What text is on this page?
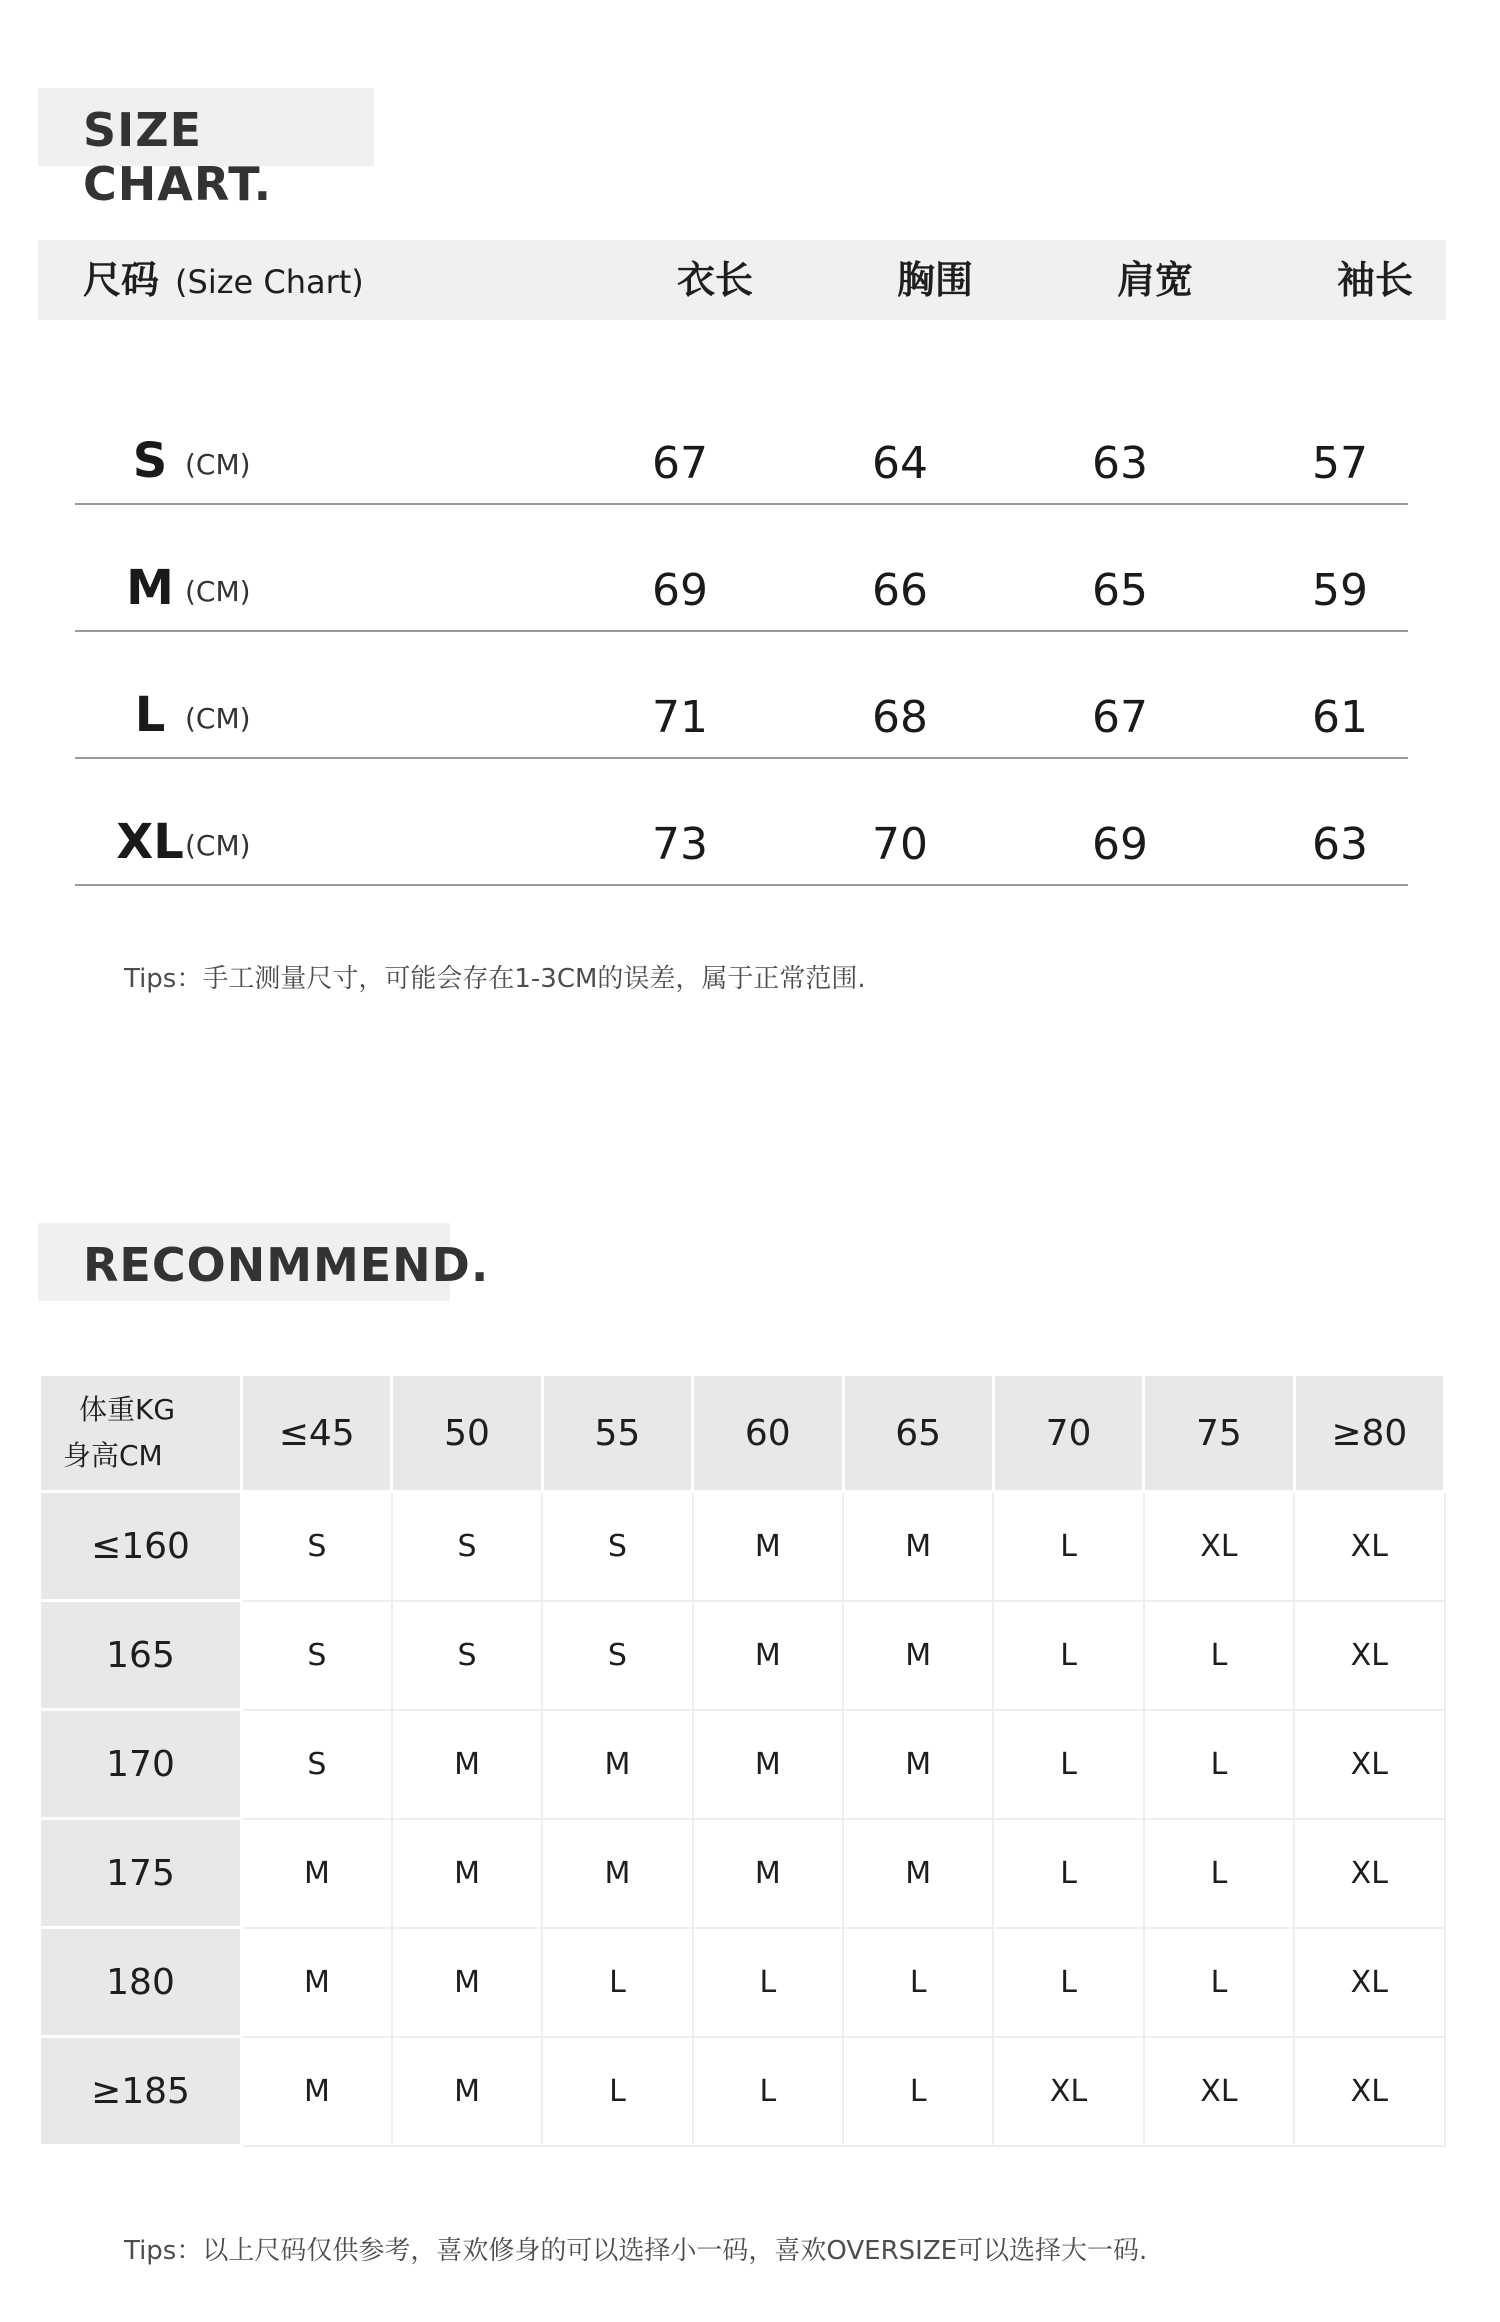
SIZE CHART.
尺码 (Size Chart)	衣长	胸围	肩宽	袖长
S (CM)	67	64	63	57
M (CM)	69	66	65	59
L (CM)	71	68	67	61
XL (CM)	73	70	69	63
Tips：手工测量尺寸，可能会存在1-3CM的误差，属于正常范围.
RECONMMEND.
体重KG
身高CM	≤45	50	55	60	65	70	75	≥80
≤160	S	S	S	M	M	L	XL	XL
165	S	S	S	M	M	L	L	XL
170	S	M	M	M	M	L	L	XL
175	M	M	M	M	M	L	L	XL
180	M	M	L	L	L	L	L	XL
≥185	M	M	L	L	L	XL	XL	XL
Tips：以上尺码仅供参考，喜欢修身的可以选择小一码，喜欢OVERSIZE可以选择大一码.
